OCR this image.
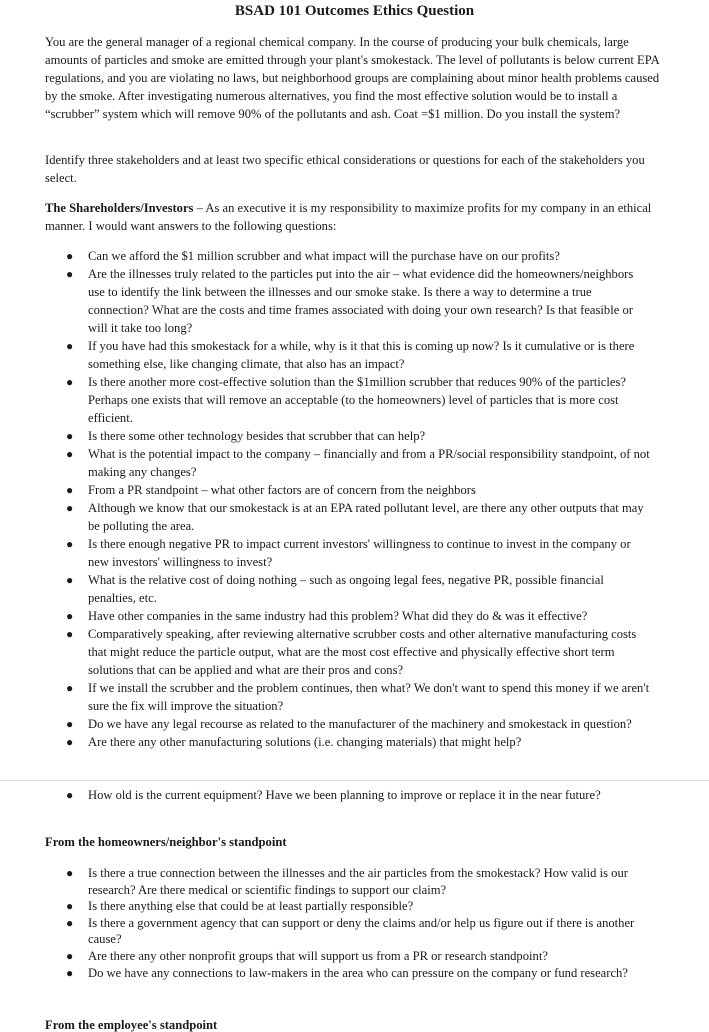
BSAD 101 Outcomes Ethics Question
You are the general manager of a regional chemical company. In the course of producing your bulk chemicals, large amounts of particles and smoke are emitted through your plant's smokestack. The level of pollutants is below current EPA regulations, and you are violating no laws, but neighborhood groups are complaining about minor health problems caused by the smoke. After investigating numerous alternatives, you find the most effective solution would be to install a “scrubber” system which will remove 90% of the pollutants and ash. Coat =$1 million. Do you install the system?
Identify three stakeholders and at least two specific ethical considerations or questions for each of the stakeholders you select.
The Shareholders/Investors – As an executive it is my responsibility to maximize profits for my company in an ethical manner. I would want answers to the following questions:
● Can we afford the $1 million scrubber and what impact will the purchase have on our profits?
● Are the illnesses truly related to the particles put into the air – what evidence did the homeowners/neighbors use to identify the link between the illnesses and our smoke stake. Is there a way to determine a true connection? What are the costs and time frames associated with doing your own research? Is that feasible or will it take too long?
● If you have had this smokestack for a while, why is it that this is coming up now? Is it cumulative or is there something else, like changing climate, that also has an impact?
● Is there another more cost-effective solution than the $1million scrubber that reduces 90% of the particles? Perhaps one exists that will remove an acceptable (to the homeowners) level of particles that is more cost efficient.
● Is there some other technology besides that scrubber that can help?
● What is the potential impact to the company – financially and from a PR/social responsibility standpoint, of not making any changes?
● From a PR standpoint – what other factors are of concern from the neighbors
● Although we know that our smokestack is at an EPA rated pollutant level, are there any other outputs that may be polluting the area.
● Is there enough negative PR to impact current investors' willingness to continue to invest in the company or new investors' willingness to invest?
● What is the relative cost of doing nothing – such as ongoing legal fees, negative PR, possible financial penalties, etc.
● Have other companies in the same industry had this problem? What did they do & was it effective?
● Comparatively speaking, after reviewing alternative scrubber costs and other alternative manufacturing costs that might reduce the particle output, what are the most cost effective and physically effective short term solutions that can be applied and what are their pros and cons?
● If we install the scrubber and the problem continues, then what? We don't want to spend this money if we aren't sure the fix will improve the situation?
● Do we have any legal recourse as related to the manufacturer of the machinery and smokestack in question?
● Are there any other manufacturing solutions (i.e. changing materials) that might help?
● How old is the current equipment? Have we been planning to improve or replace it in the near future?
From the homeowners/neighbor's standpoint
● Is there a true connection between the illnesses and the air particles from the smokestack? How valid is our research? Are there medical or scientific findings to support our claim?
● Is there anything else that could be at least partially responsible?
● Is there a government agency that can support or deny the claims and/or help us figure out if there is another cause?
● Are there any other nonprofit groups that will support us from a PR or research standpoint?
● Do we have any connections to law-makers in the area who can pressure on the company or fund research?
From the employee's standpoint
